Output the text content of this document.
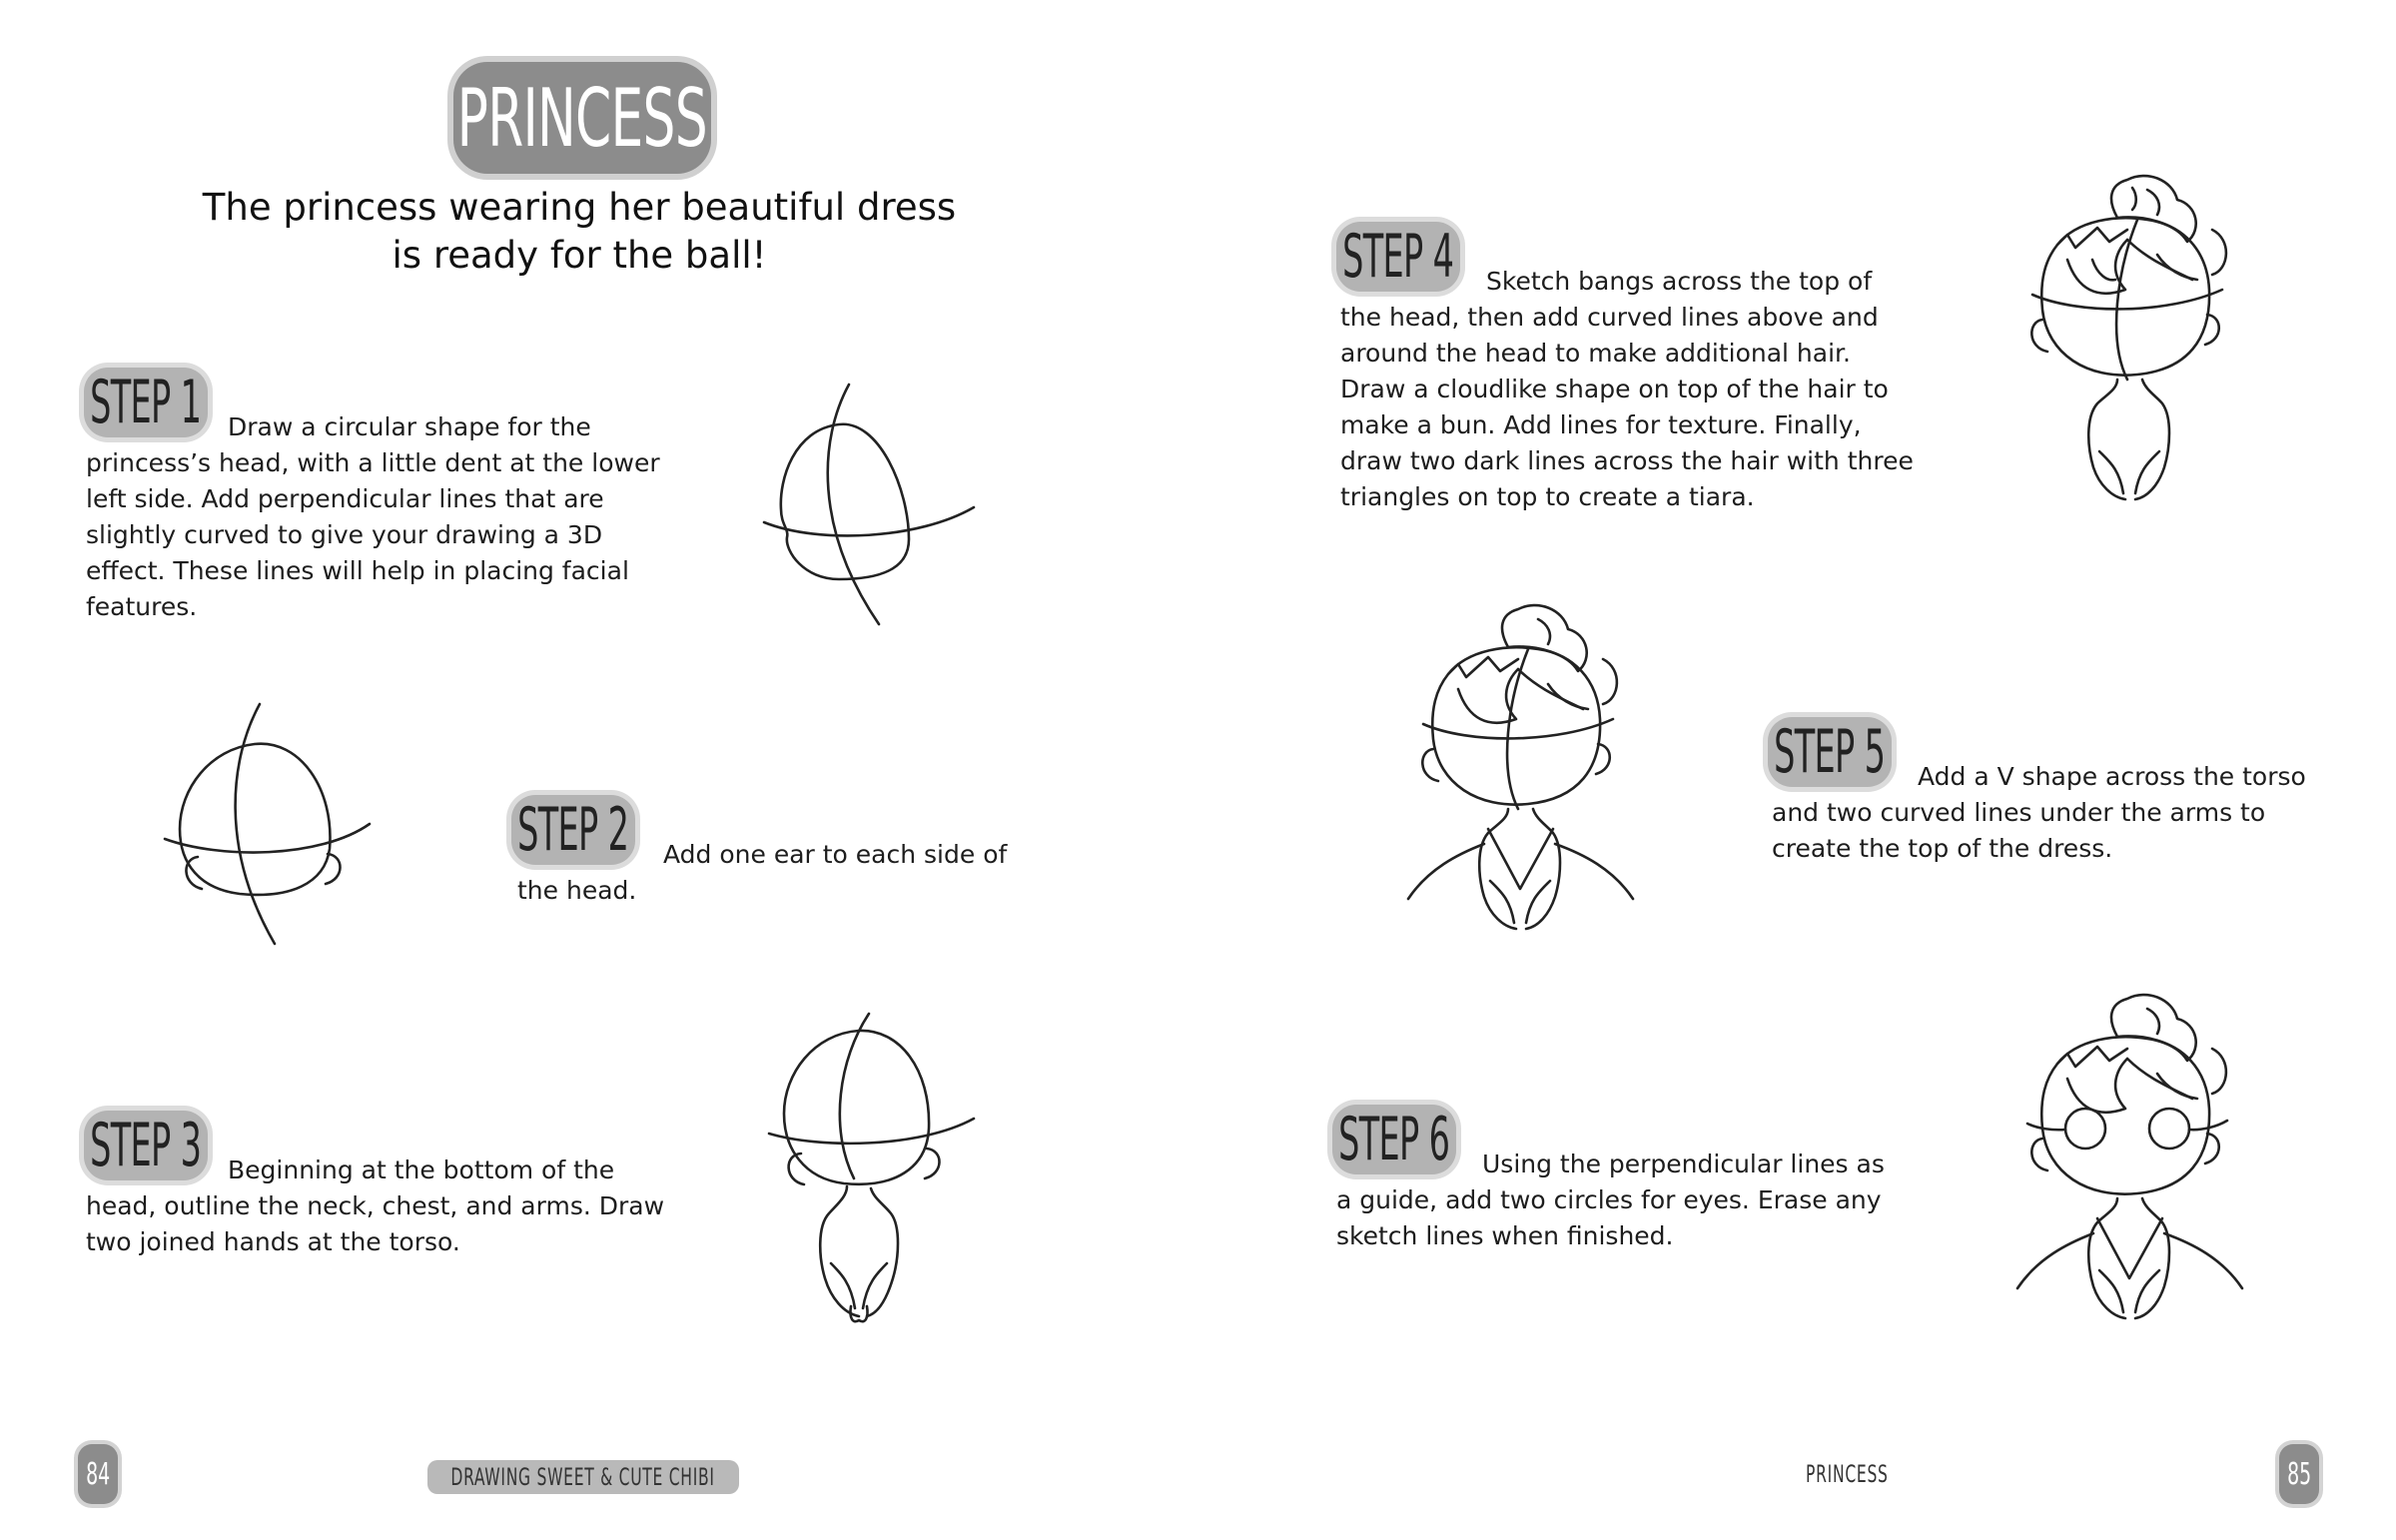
PRINCESS
The princess wearing her beautiful dress
is ready for the ball!
STEP 1	Draw a circular shape for the princess’s head, with a little dent at the lower left side. Add perpendicular lines that are slightly curved to give your drawing a 3D effect. These lines will help in placing facial features.
STEP 2	Add one ear to each side of the head.
STEP 3	Beginning at the bottom of the head, outline the neck, chest, and arms. Draw two joined hands at the torso.
84	DRAWING SWEET & CUTE CHIBI
STEP 4	Sketch bangs across the top of the head, then add curved lines above and around the head to make additional hair. Draw a cloudlike shape on top of the hair to make a bun. Add lines for texture. Finally, draw two dark lines across the hair with three triangles on top to create a tiara.
STEP 5	Add a V shape across the torso and two curved lines under the arms to create the top of the dress.
STEP 6	Using the perpendicular lines as a guide, add two circles for eyes. Erase any sketch lines when finished.
PRINCESS	85
